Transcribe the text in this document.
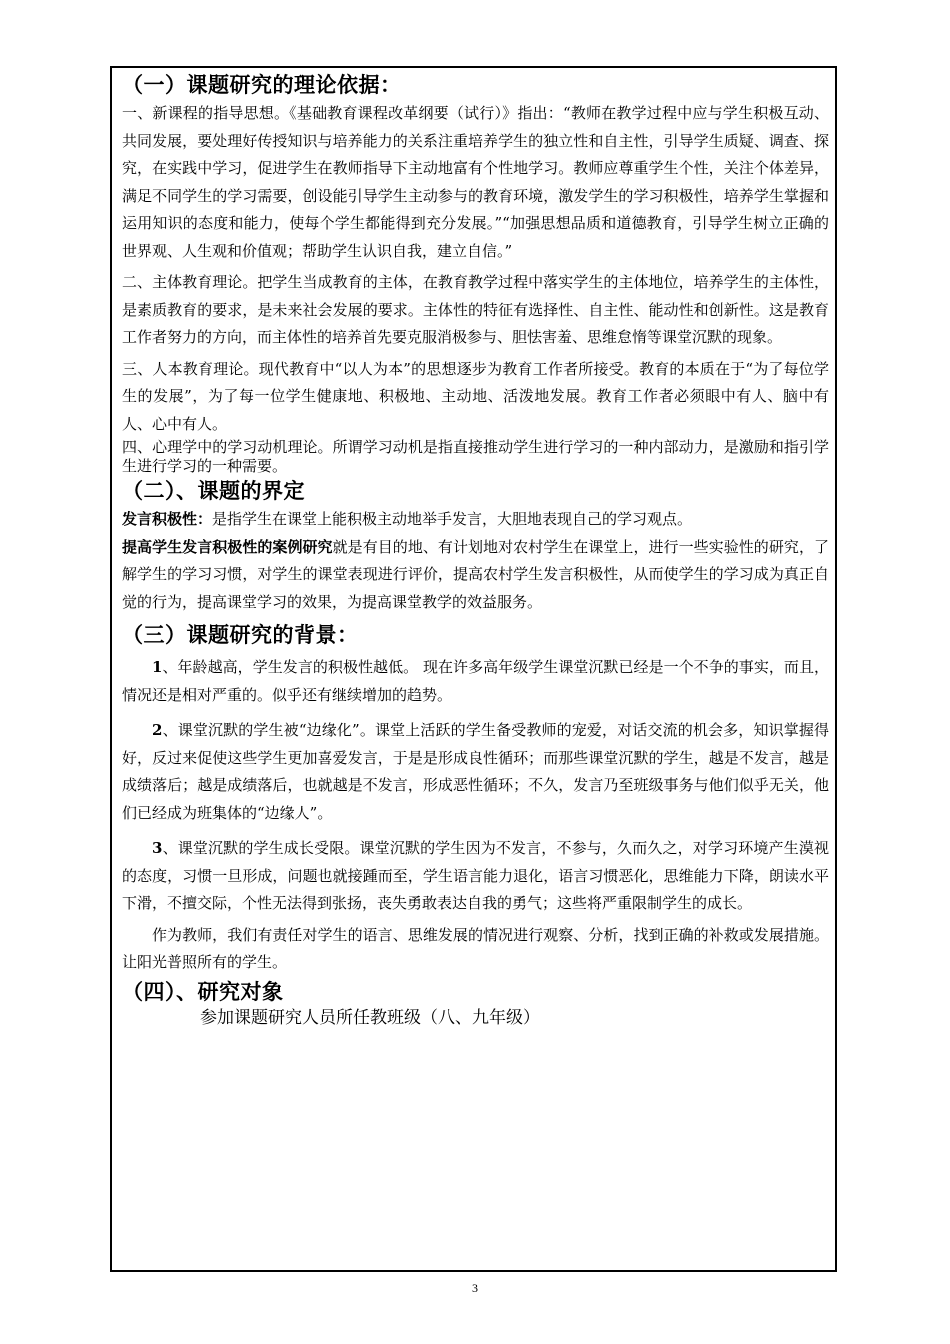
（一）课题研究的理论依据：

一、新课程的指导思想。《基础教育课程改革纲要（试行）》指出：“教师在教学过程中应与学生积极互动、共同发展，要处理好传授知识与培养能力的关系注重培养学生的独立性和自主性，引导学生质疑、调查、探究，在实践中学习，促进学生在教师指导下主动地富有个性地学习。教师应尊重学生个性，关注个体差异，满足不同学生的学习需要，创设能引导学生主动参与的教育环境，激发学生的学习积极性，培养学生掌握和运用知识的态度和能力，使每个学生都能得到充分发展。”“加强思想品质和道德教育，引导学生树立正确的世界观、人生观和价值观；帮助学生认识自我，建立自信。”

二、主体教育理论。把学生当成教育的主体，在教育教学过程中落实学生的主体地位，培养学生的主体性，是素质教育的要求，是未来社会发展的要求。主体性的特征有选择性、自主性、能动性和创新性。这是教育工作者努力的方向，而主体性的培养首先要克服消极参与、胆怯害羞、思维怠惰等课堂沉默的现象。

三、人本教育理论。现代教育中“以人为本”的思想逐步为教育工作者所接受。教育的本质在于“为了每位学生的发展”，为了每一位学生健康地、积极地、主动地、活泼地发展。教育工作者必须眼中有人、脑中有人、心中有人。

四、心理学中的学习动机理论。所谓学习动机是指直接推动学生进行学习的一种内部动力，是激励和指引学生进行学习的一种需要。

（二）、课题的界定

发言积极性：是指学生在课堂上能积极主动地举手发言，大胆地表现自己的学习观点。

提高学生发言积极性的案例研究就是有目的地、有计划地对农村学生在课堂上，进行一些实验性的研究，了解学生的学习习惯，对学生的课堂表现进行评价，提高农村学生发言积极性，从而使学生的学习成为真正自觉的行为，提高课堂学习的效果，为提高课堂教学的效益服务。

（三）课题研究的背景：

1、年龄越高，学生发言的积极性越低。 现在许多高年级学生课堂沉默已经是一个不争的事实，而且，情况还是相对严重的。似乎还有继续增加的趋势。

2、课堂沉默的学生被“边缘化”。课堂上活跃的学生备受教师的宠爱，对话交流的机会多，知识掌握得好，反过来促使这些学生更加喜爱发言，于是是形成良性循环；而那些课堂沉默的学生，越是不发言，越是成绩落后；越是成绩落后，也就越是不发言，形成恶性循环；不久，发言乃至班级事务与他们似乎无关，他们已经成为班集体的“边缘人”。

3、课堂沉默的学生成长受限。课堂沉默的学生因为不发言，不参与，久而久之，对学习环境产生漠视的态度，习惯一旦形成，问题也就接踵而至，学生语言能力退化，语言习惯恶化，思维能力下降，朗读水平下滑，不擅交际，个性无法得到张扬，丧失勇敢表达自我的勇气；这些将严重限制学生的成长。

作为教师，我们有责任对学生的语言、思维发展的情况进行观察、分析，找到正确的补救或发展措施。让阳光普照所有的学生。

（四）、研究对象

参加课题研究人员所任教班级（八、九年级）

3
